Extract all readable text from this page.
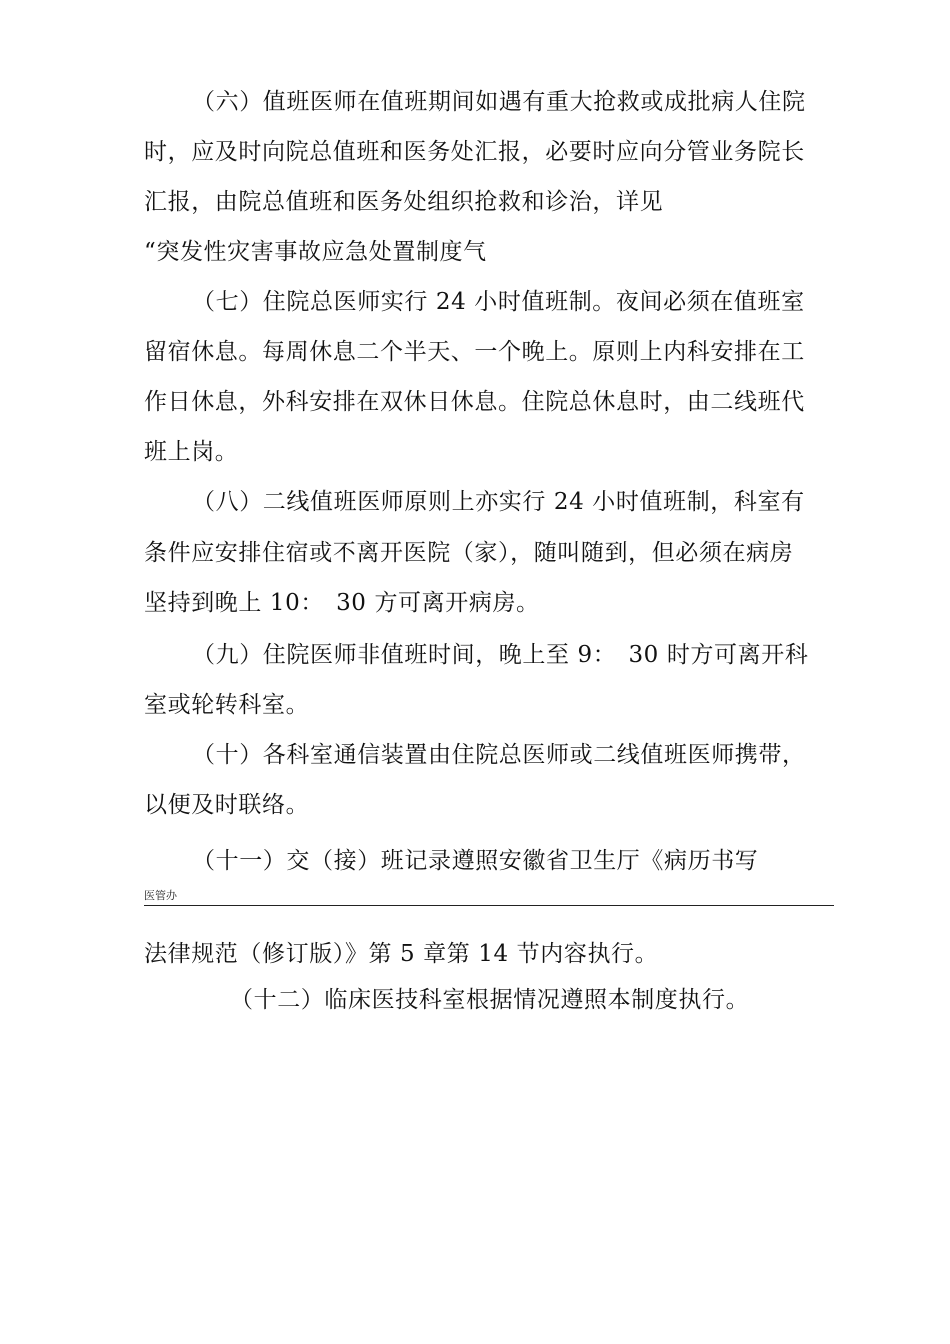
（六）值班医师在值班期间如遇有重大抢救或成批病人住院
时，应及时向院总值班和医务处汇报，必要时应向分管业务院长
汇报，由院总值班和医务处组织抢救和诊治，详见
“突发性灾害事故应急处置制度气
（七）住院总医师实行 24 小时值班制。夜间必须在值班室
留宿休息。每周休息二个半天、一个晚上。原则上内科安排在工
作日休息，外科安排在双休日休息。住院总休息时，由二线班代
班上岗。
（八）二线值班医师原则上亦实行 24 小时值班制，科室有
条件应安排住宿或不离开医院（家），随叫随到，但必须在病房
坚持到晚上 10：　30 方可离开病房。
（九）住院医师非值班时间，晚上至 9：　30 时方可离开科
室或轮转科室。
（十）各科室通信装置由住院总医师或二线值班医师携带，
以便及时联络。
（十一）交（接）班记录遵照安徽省卫生厅《病历书写
医管办
法律规范（修订版）》第 5 章第 14 节内容执行。
（十二）临床医技科室根据情况遵照本制度执行。
